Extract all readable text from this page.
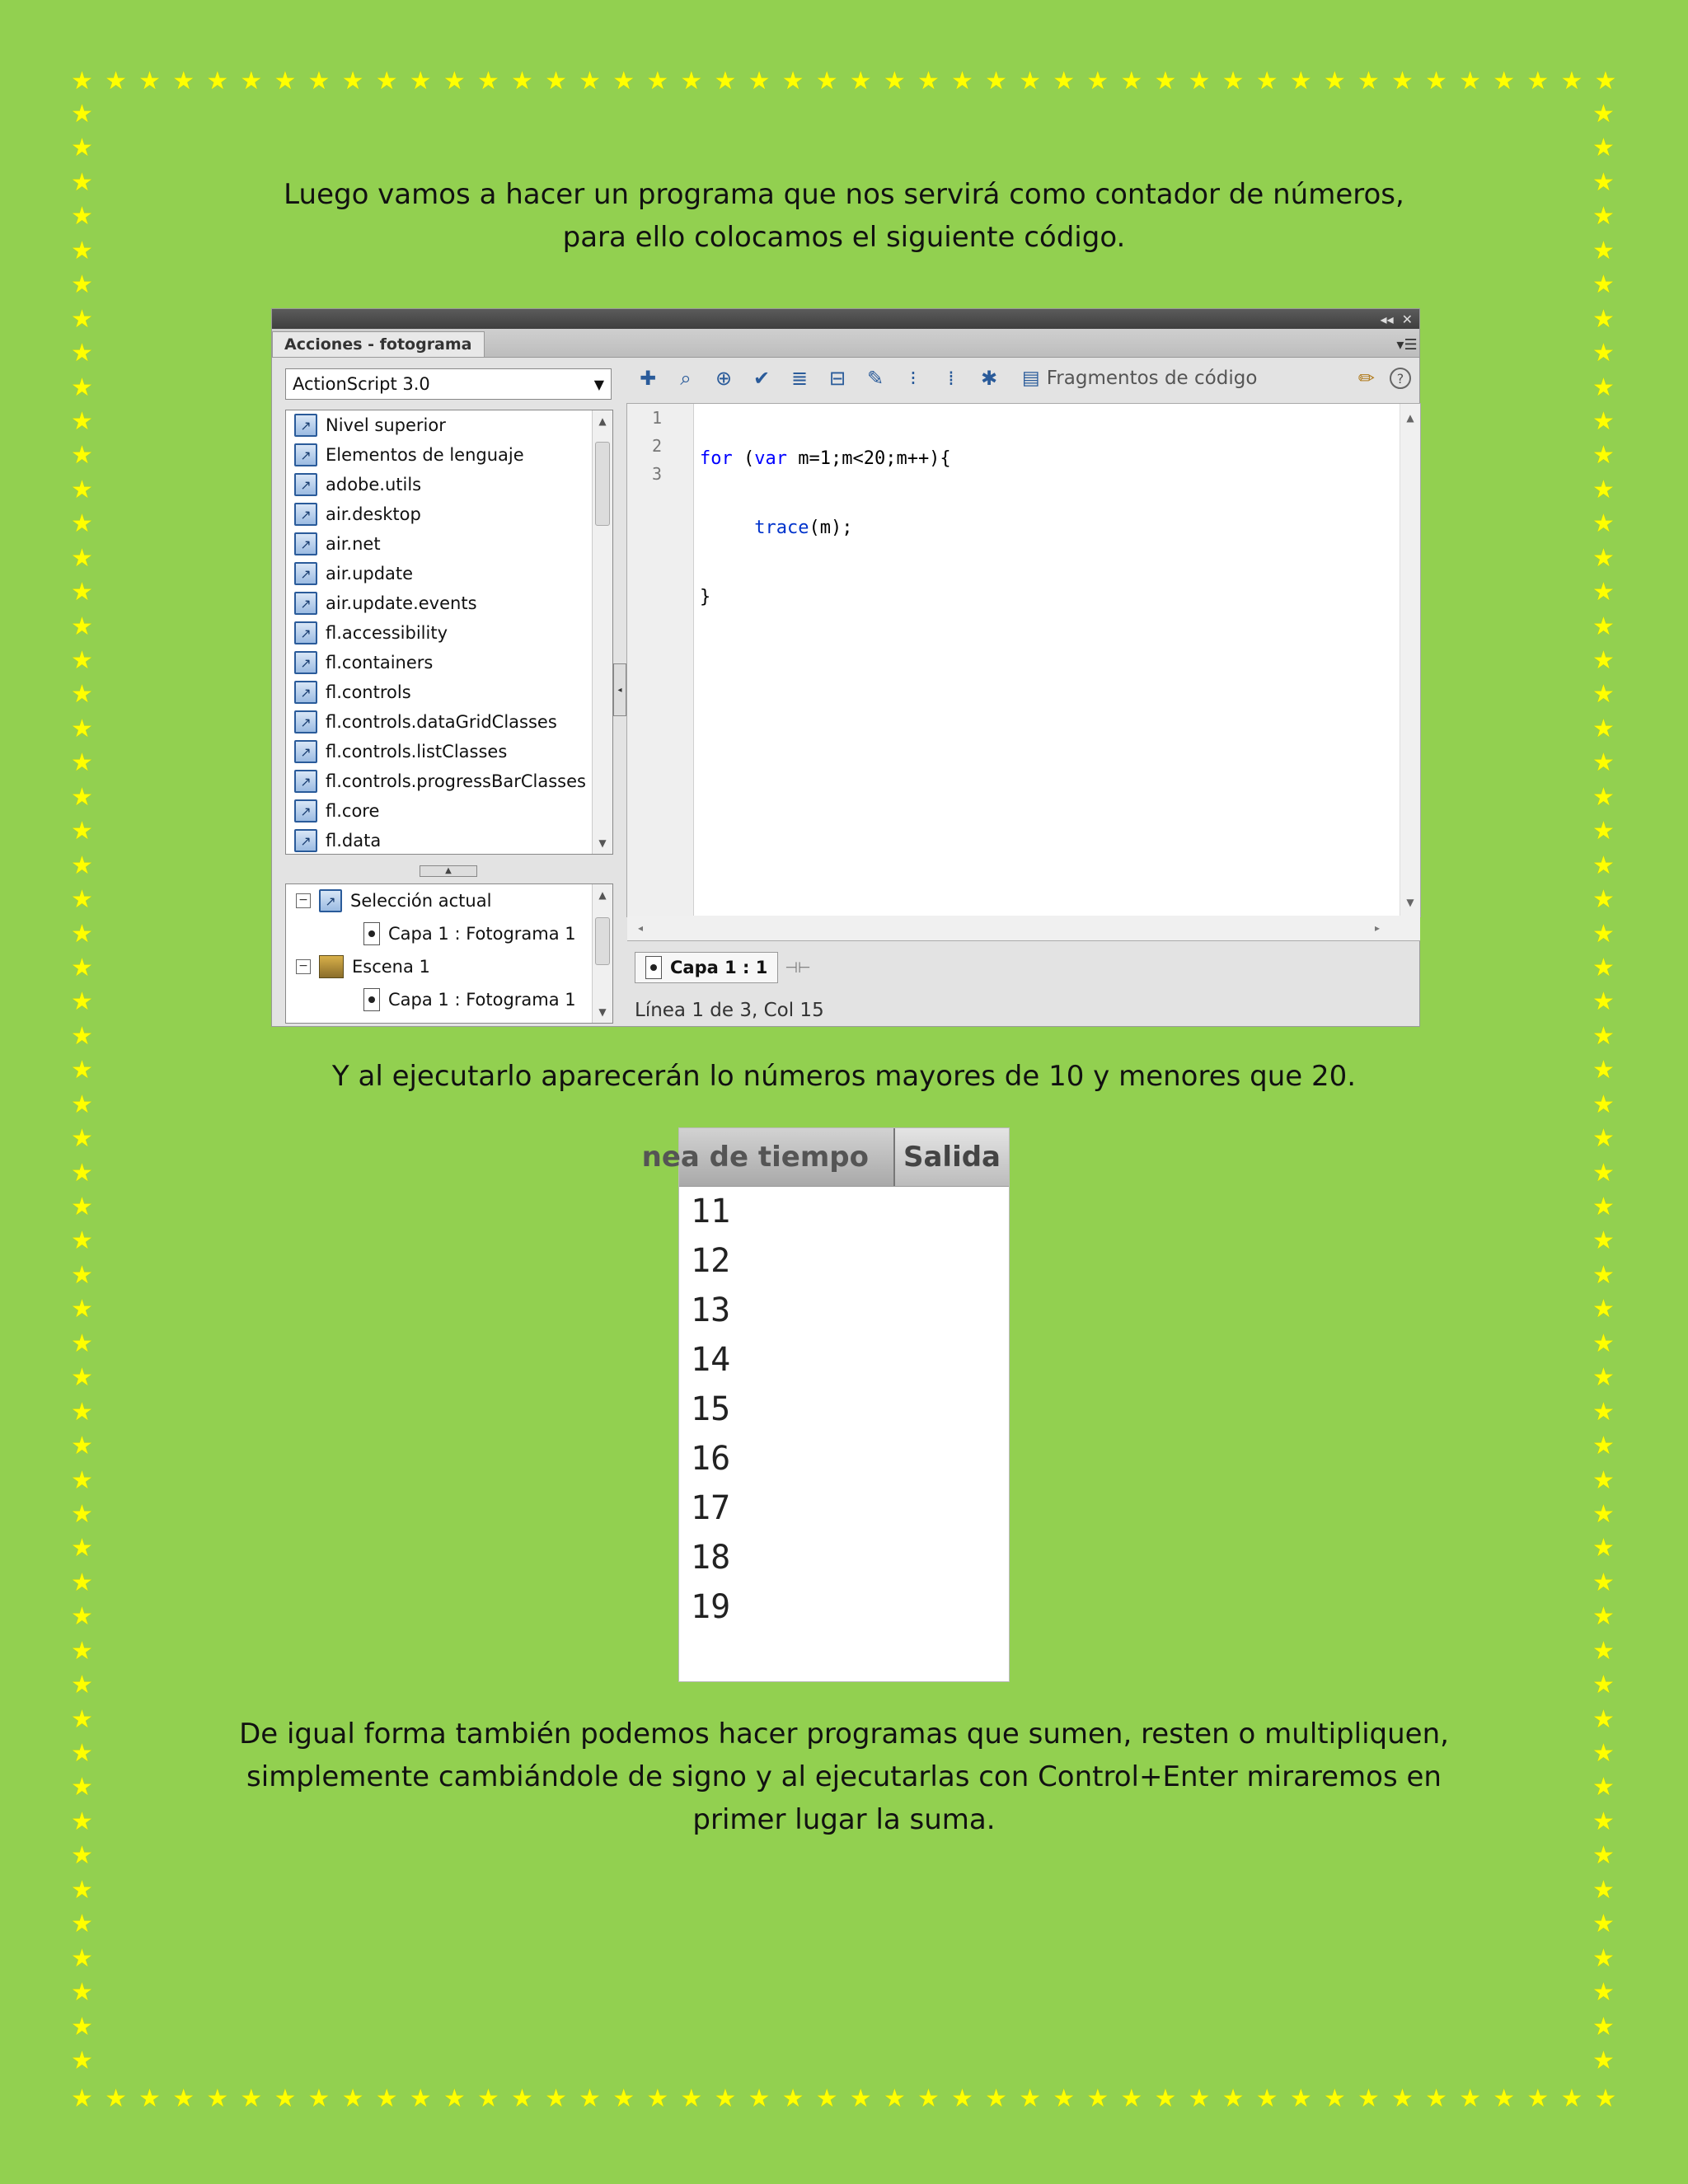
★ ★ ★ ★ ★ ★ ★ ★ ★ ★ ★ ★ ★ ★ ★ ★ ★ ★ ★ ★ ★ ★ ★ ★ ★ ★ ★ ★ ★ ★ ★ ★ ★ ★ ★ ★ ★ ★ ★ ★ ★ ★ ★ ★ ★ ★
★ ★ ★ ★ ★ ★ ★ ★ ★ ★ ★ ★ ★ ★ ★ ★ ★ ★ ★ ★ ★ ★ ★ ★ ★ ★ ★ ★ ★ ★ ★ ★ ★ ★ ★ ★ ★ ★ ★ ★ ★ ★ ★ ★ ★ ★
★
★
★
★
★
★
★
★
★
★
★
★
★
★
★
★
★
★
★
★
★
★
★
★
★
★
★
★
★
★
★
★
★
★
★
★
★
★
★
★
★
★
★
★
★
★
★
★
★
★
★
★
★
★
★
★
★
★
★
★
★
★
★
★
★
★
★
★
★
★
★
★
★
★
★
★
★
★
★
★
★
★
★
★
★
★
★
★
★
★
★
★
★
★
★
★
★
★
★
★
★
★
★
★
★
★
★
★
★
★
★
★
★
★
★
★

Luego vamos a hacer un programa que nos servirá como contador de números, para ello colocamos el siguiente código.

◂◂ ✕
Acciones - fotograma	▾☰
ActionScript 3.0	▼
↗ Nivel superior
↗ Elementos de lenguaje
↗ adobe.utils
↗ air.desktop
↗ air.net
↗ air.update
↗ air.update.events
↗ fl.accessibility
↗ fl.containers
↗ fl.controls
↗ fl.controls.dataGridClasses
↗ fl.controls.listClasses
↗ fl.controls.progressBarClasses
↗ fl.core
↗ fl.data
▲
▼
▲
−	↗ Selección actual
Capa 1 : Fotograma 1
−	Escena 1
Capa 1 : Fotograma 1
▲
▼
◂
✚	⌕	⊕ ✔ ≣ ⊟ ✎	⁝	⁞	✱ ▤ Fragmentos de código	✏	?
1
2
3

for (var m=1;m<20;m++){

trace(m);

}

▲
▼
◂	▸
Capa 1 : 1 ⊣⊢
Línea 1 de 3, Col 15

Y al ejecutarlo aparecerán lo números mayores de 10 y menores que 20.

nea de tiempo	Salida
11
12
13
14
15
16
17
18
19

De igual forma también podemos hacer programas que sumen, resten o multipliquen, simplemente cambiándole de signo y al ejecutarlas con Control+Enter miraremos en primer lugar la suma.
